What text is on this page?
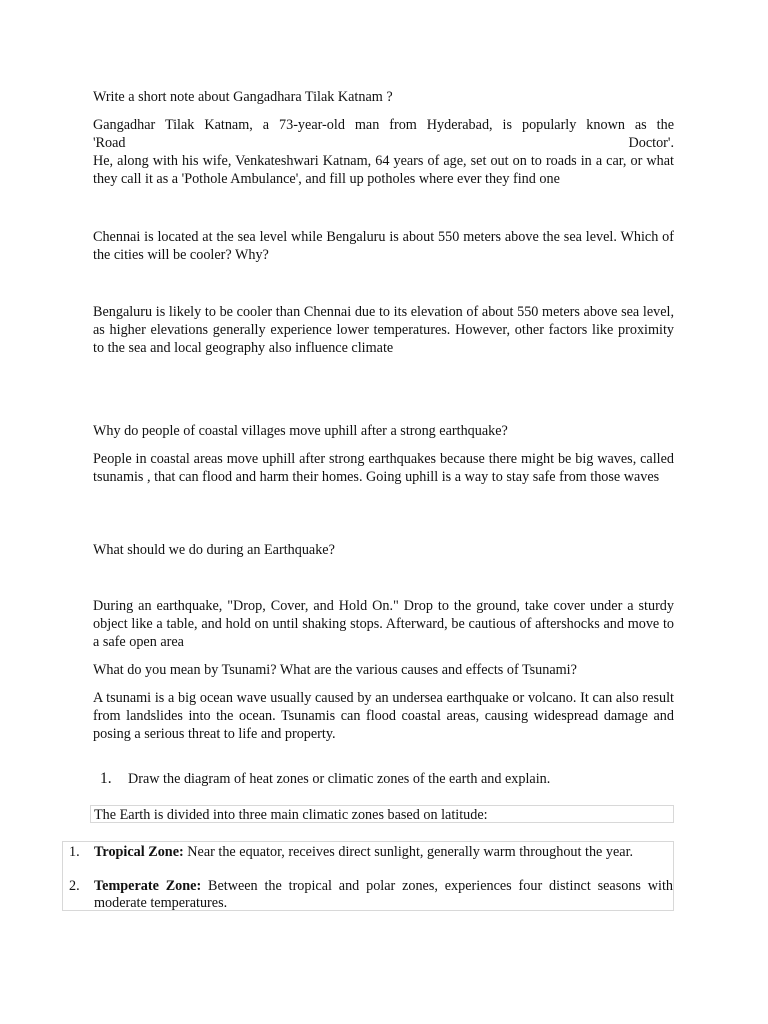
Write a short note about Gangadhara Tilak Katnam ?

Gangadhar Tilak Katnam, a 73-year-old man from Hyderabad, is popularly known as the
'Road	Doctor'.
He, along with his wife, Venkateshwari Katnam, 64 years of age, set out on to roads in a car, or what they call it as a 'Pothole Ambulance', and fill up potholes where ever they find one

Chennai is located at the sea level while Bengaluru is about 550 meters above the sea level. Which of the cities will be cooler? Why?

Bengaluru is likely to be cooler than Chennai due to its elevation of about 550 meters above sea level, as higher elevations generally experience lower temperatures. However, other factors like proximity to the sea and local geography also influence climate

Why do people of coastal villages move uphill after a strong earthquake?

People in coastal areas move uphill after strong earthquakes because there might be big waves, called tsunamis , that can flood and harm their homes. Going uphill is a way to stay safe from those waves

What should we do during an Earthquake?

During an earthquake, "Drop, Cover, and Hold On." Drop to the ground, take cover under a sturdy object like a table, and hold on until shaking stops. Afterward, be cautious of aftershocks and move to a safe open area

What do you mean by Tsunami? What are the various causes and effects of Tsunami?

A tsunami is a big ocean wave usually caused by an undersea earthquake or volcano. It can also result from landslides into the ocean. Tsunamis can flood coastal areas, causing widespread damage and posing a serious threat to life and property.

1.	Draw the diagram of heat zones or climatic zones of the earth and explain.
The Earth is divided into three main climatic zones based on latitude:
1.	Tropical Zone: Near the equator, receives direct sunlight, generally warm throughout the year.
2.	Temperate Zone: Between the tropical and polar zones, experiences four distinct seasons with moderate temperatures.
